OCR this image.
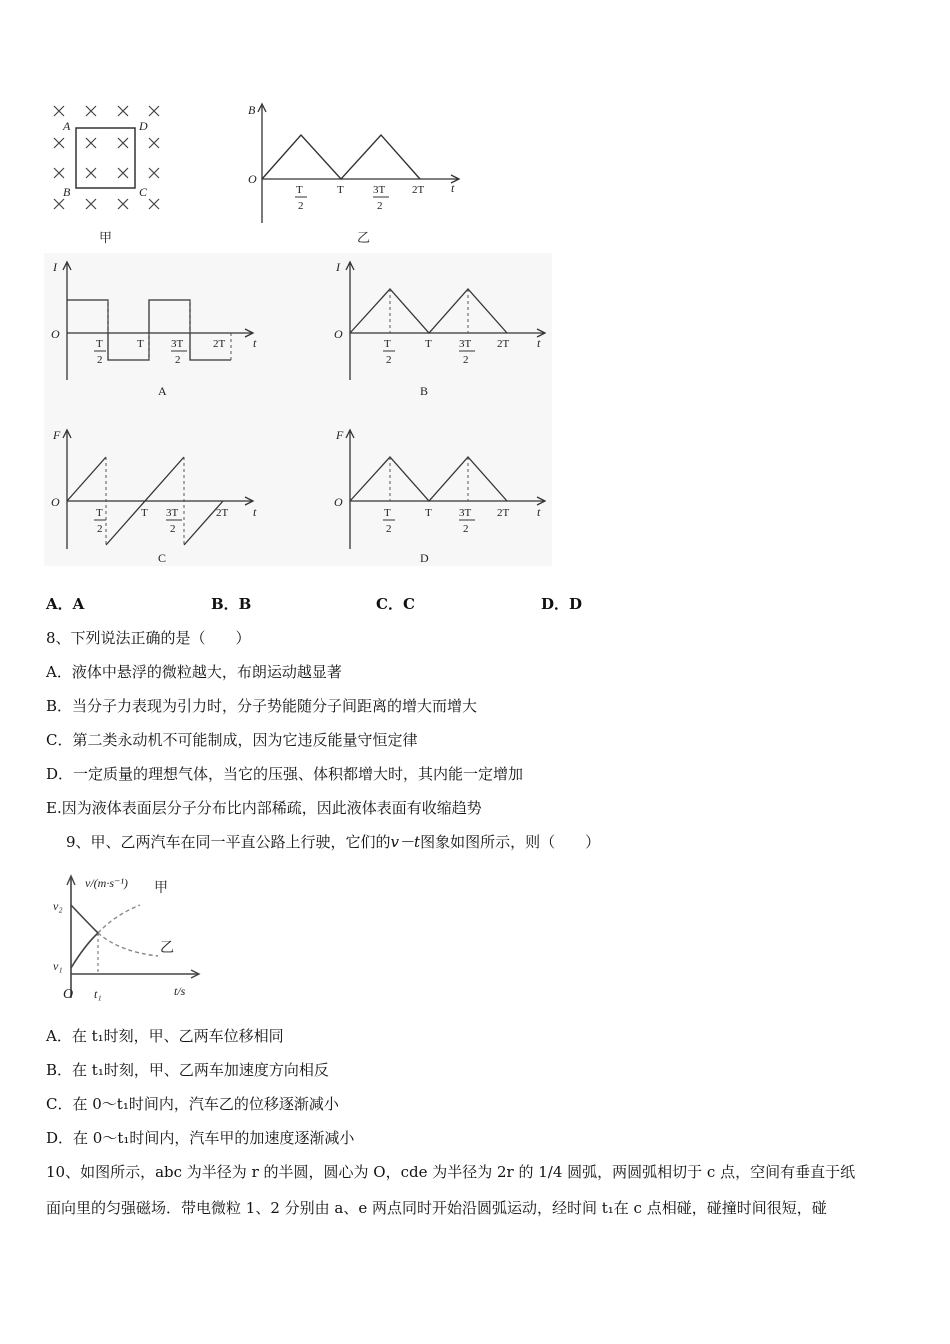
A	D
B	C
甲
B
O
t
T
2
T	3T
2
2T
乙
I
O
t
T
2
T 3T
2
2T
A
I
O
t
T
2
T 3T
2
2T
B
F
O
t
T
2
T 3T
2
2T
C
F
O
t
T
2
T 3T
2
2T
D
A．A	B．B	C．C	D．D
8、下列说法正确的是（　　）
A．液体中悬浮的微粒越大，布朗运动越显著
B．当分子力表现为引力时，分子势能随分子间距离的增大而增大
C．第二类永动机不可能制成，因为它违反能量守恒定律
D．一定质量的理想气体，当它的压强、体积都增大时，其内能一定增加
E.因为液体表面层分子分布比内部稀疏，因此液体表面有收缩趋势
9、甲、乙两汽车在同一平直公路上行驶，它们的v－t图象如图所示，则（　　）
v/(m·s⁻¹) 甲
乙
v₂
v₁
O t₁	t/s
A．在 t₁时刻，甲、乙两车位移相同
B．在 t₁时刻，甲、乙两车加速度方向相反
C．在 0～t₁时间内，汽车乙的位移逐渐减小
D．在 0～t₁时间内，汽车甲的加速度逐渐减小
10、如图所示，abc 为半径为 r 的半圆，圆心为 O，cde 为半径为 2r 的 1/4 圆弧，两圆弧相切于 c 点，空间有垂直于纸
面向里的匀强磁场．带电微粒 1、2 分别由 a、e 两点同时开始沿圆弧运动，经时间 t₁在 c 点相碰，碰撞时间很短，碰
